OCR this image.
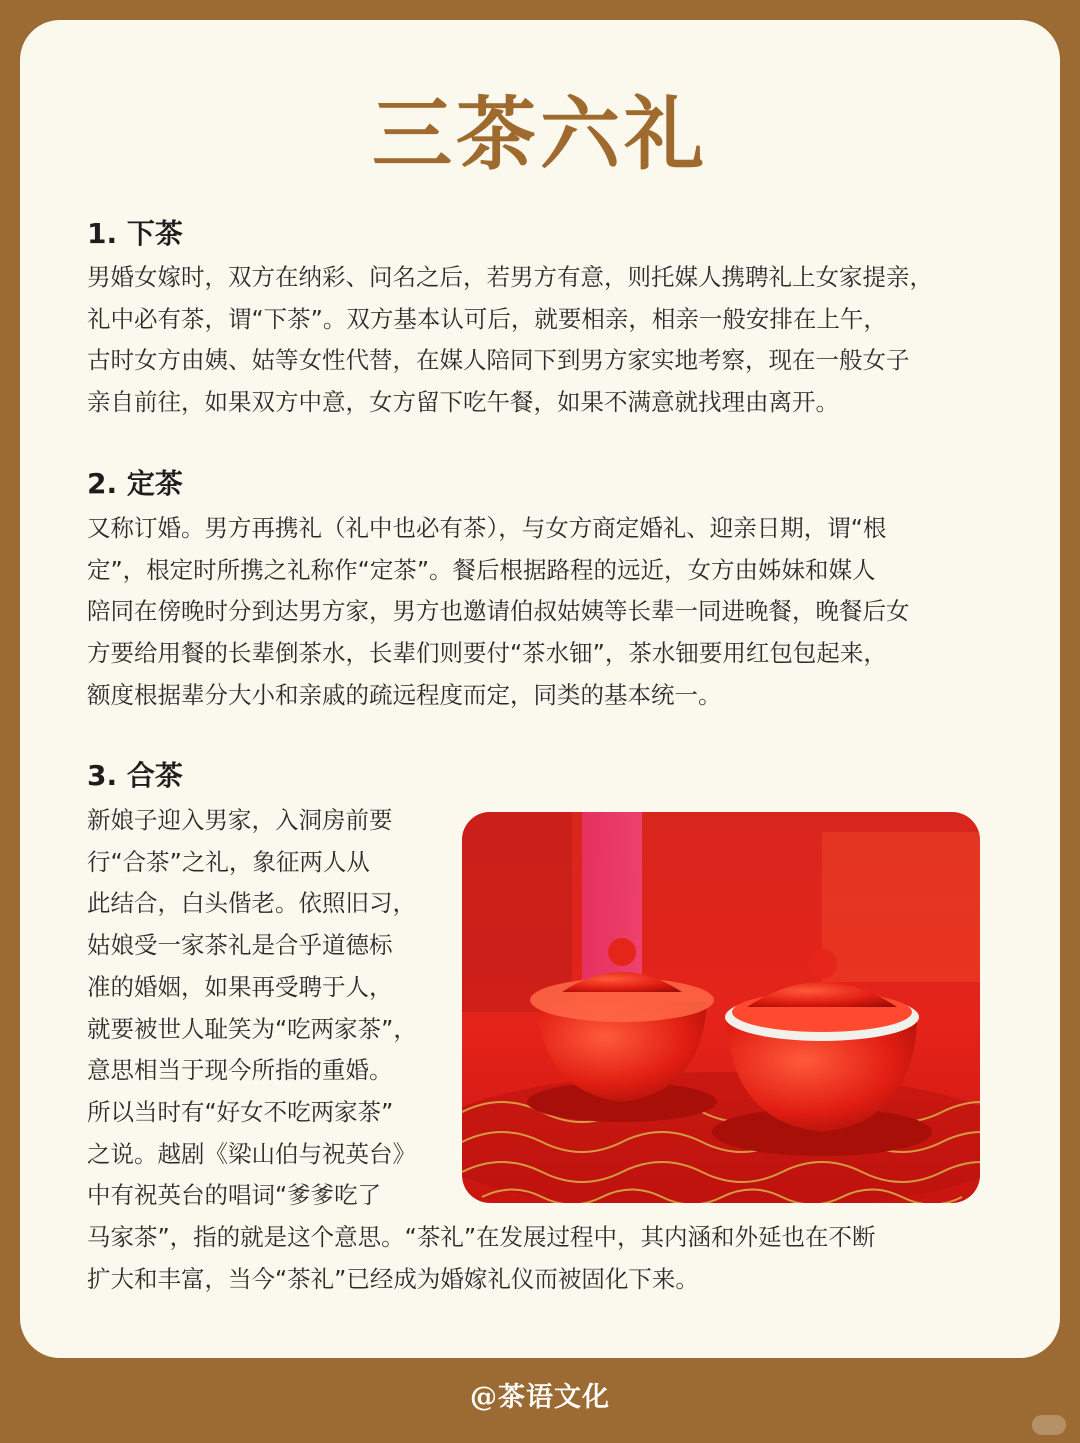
三茶六礼
1. 下茶
男婚女嫁时，双方在纳彩、问名之后，若男方有意，则托媒人携聘礼上女家提亲，
礼中必有茶，谓“下茶”。双方基本认可后，就要相亲，相亲一般安排在上午，
古时女方由姨、姑等女性代替，在媒人陪同下到男方家实地考察，现在一般女子
亲自前往，如果双方中意，女方留下吃午餐，如果不满意就找理由离开。
2. 定茶
又称订婚。男方再携礼（礼中也必有茶），与女方商定婚礼、迎亲日期，谓“根
定”，根定时所携之礼称作“定茶”。餐后根据路程的远近，女方由姊妹和媒人
陪同在傍晚时分到达男方家，男方也邀请伯叔姑姨等长辈一同进晚餐，晚餐后女
方要给用餐的长辈倒茶水，长辈们则要付“茶水钿”，茶水钿要用红包包起来，
额度根据辈分大小和亲戚的疏远程度而定，同类的基本统一。
3. 合茶
新娘子迎入男家，入洞房前要
行“合茶”之礼，象征两人从
此结合，白头偕老。依照旧习，
姑娘受一家茶礼是合乎道德标
准的婚姻，如果再受聘于人，
就要被世人耻笑为“吃两家茶”，
意思相当于现今所指的重婚。
所以当时有“好女不吃两家茶”
之说。越剧《梁山伯与祝英台》
中有祝英台的唱词“爹爹吃了
马家茶”，指的就是这个意思。“茶礼”在发展过程中，其内涵和外延也在不断
扩大和丰富，当今“茶礼”已经成为婚嫁礼仪而被固化下来。
@茶语文化
